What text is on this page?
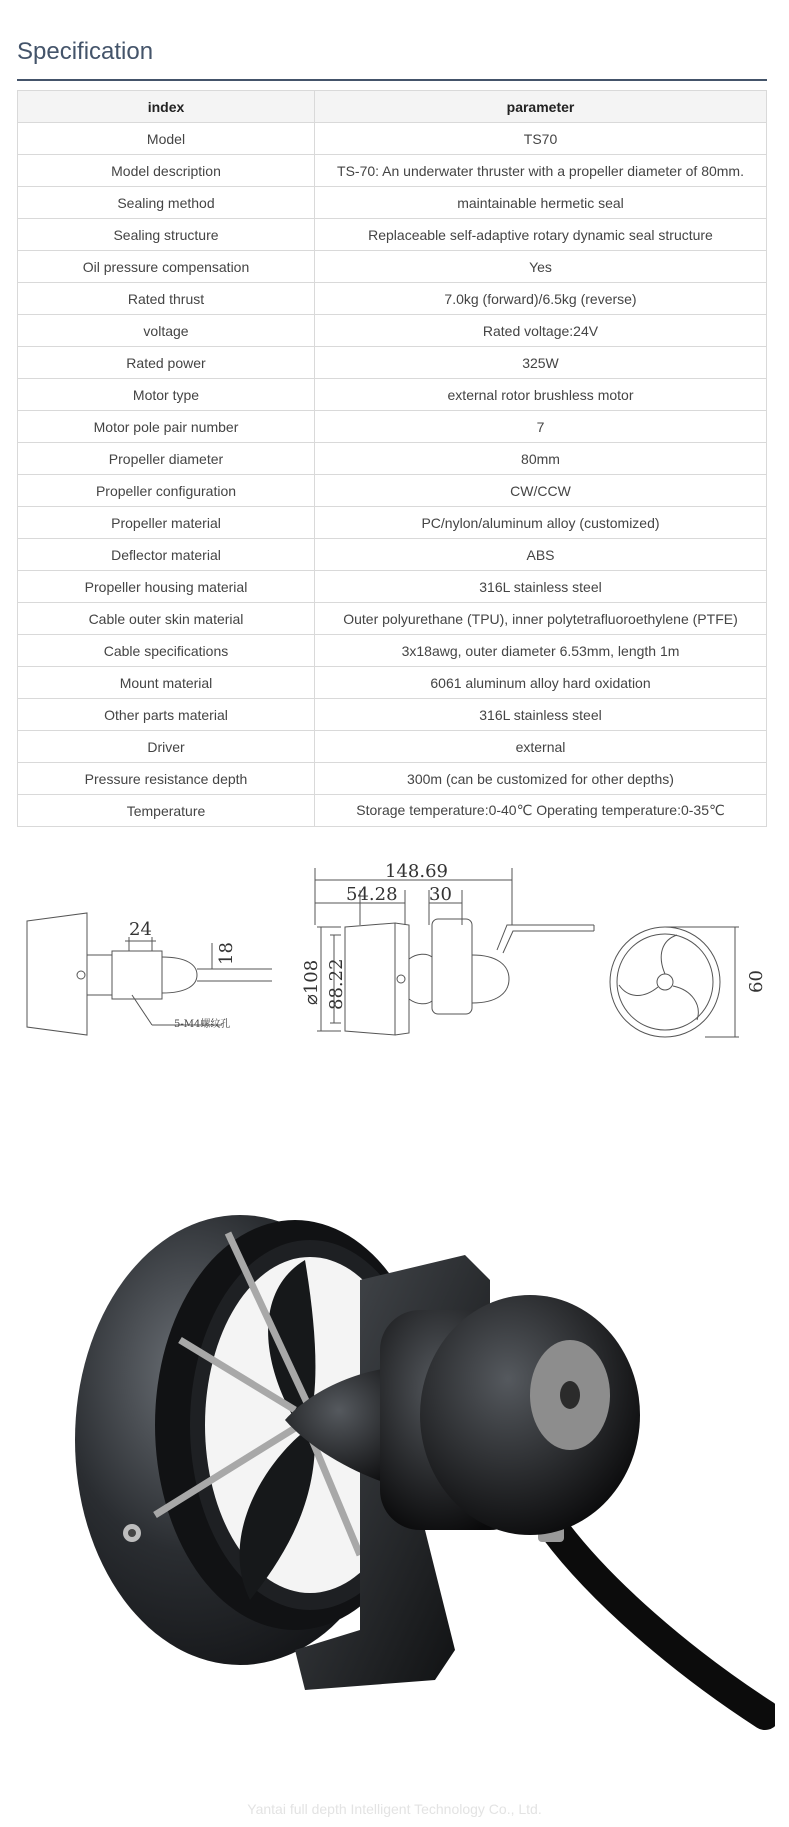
Specification
index	parameter
Model	TS70
Model description	TS-70: An underwater thruster with a propeller diameter of 80mm.
Sealing method	maintainable hermetic seal
Sealing structure	Replaceable self-adaptive rotary dynamic seal structure
Oil pressure compensation	Yes
Rated thrust	7.0kg (forward)/6.5kg (reverse)
voltage	Rated voltage:24V
Rated power	325W
Motor type	external rotor brushless motor
Motor pole pair number	7
Propeller diameter	80mm
Propeller configuration	CW/CCW
Propeller material	PC/nylon/aluminum alloy (customized)
Deflector material	ABS
Propeller housing material	316L stainless steel
Cable outer skin material	Outer polyurethane (TPU), inner polytetrafluoroethylene (PTFE)
Cable specifications	3x18awg, outer diameter 6.53mm, length 1m
Mount material	6061 aluminum alloy hard oxidation
Other parts material	316L stainless steel
Driver	external
Pressure resistance depth	300m (can be customized for other depths)
Temperature	Storage temperature:0-40℃ Operating temperature:0-35℃
24
18
5-M4螺纹孔
148.69
54.28 30
⌀108 88.22	60
Yantai full depth Intelligent Technology Co., Ltd.
